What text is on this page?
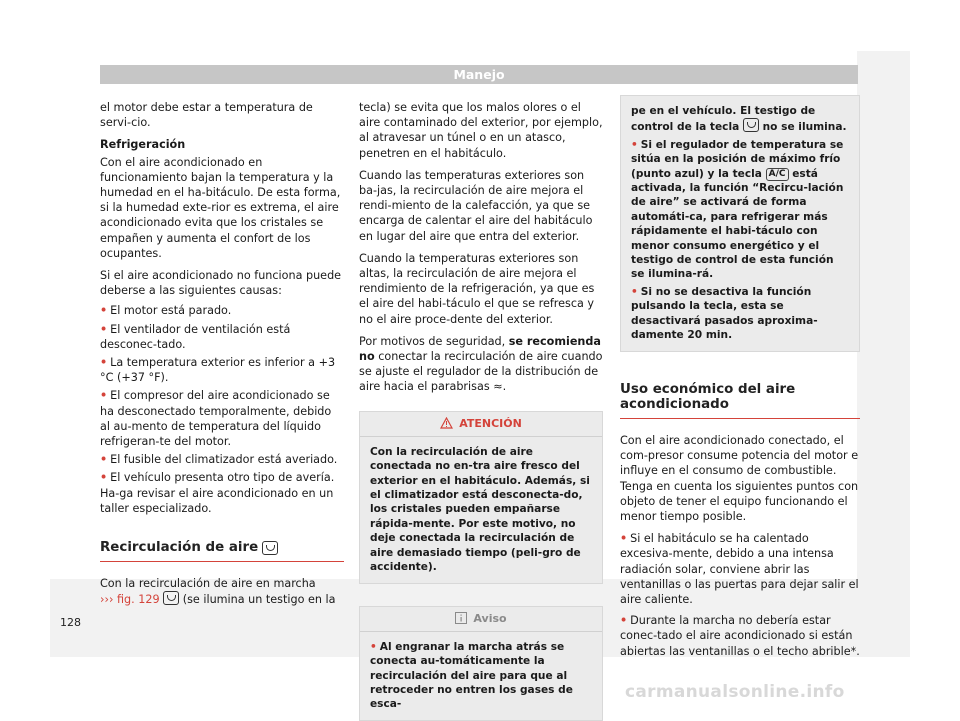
Manejo

el motor debe estar a temperatura de servi-cio.

Refrigeración

Con el aire acondicionado en funcionamiento bajan la temperatura y la humedad en el ha-bitáculo. De esta forma, si la humedad exte-rior es extrema, el aire acondicionado evita que los cristales se empañen y aumenta el confort de los ocupantes.

Si el aire acondicionado no funciona puede deberse a las siguientes causas:

• El motor está parado.
• El ventilador de ventilación está desconec-tado.
• La temperatura exterior es inferior a +3 °C (+37 °F).
• El compresor del aire acondicionado se ha desconectado temporalmente, debido al au-mento de temperatura del líquido refrigeran-te del motor.
• El fusible del climatizador está averiado.
• El vehículo presenta otro tipo de avería. Ha-ga revisar el aire acondicionado en un taller especializado.
Recirculación de aire

Con la recirculación de aire en marcha
››› fig. 129 (se ilumina un testigo en la

tecla) se evita que los malos olores o el aire contaminado del exterior, por ejemplo, al atravesar un túnel o en un atasco, penetren en el habitáculo.

Cuando las temperaturas exteriores son ba-jas, la recirculación de aire mejora el rendi-miento de la calefacción, ya que se encarga de calentar el aire del habitáculo en lugar del aire que entra del exterior.

Cuando la temperaturas exteriores son altas, la recirculación de aire mejora el rendimiento de la refrigeración, ya que es el aire del habi-táculo el que se refresca y no el aire proce-dente del exterior.

Por motivos de seguridad, se recomienda no conectar la recirculación de aire cuando se ajuste el regulador de la distribución de aire hacia el parabrisas ≈.

ATENCIÓN
Con la recirculación de aire conectada no en-tra aire fresco del exterior en el habitáculo. Además, si el climatizador está desconecta-do, los cristales pueden empañarse rápida-mente. Por este motivo, no deje conectada la recirculación de aire demasiado tiempo (peli-gro de accidente).
Aviso
• Al engranar la marcha atrás se conecta au-tomáticamente la recirculación del aire para que al retroceder no entren los gases de esca-
pe en el vehículo. El testigo de control de la tecla no se ilumina.
• Si el regulador de temperatura se sitúa en la posición de máximo frío (punto azul) y la tecla A/C está activada, la función “Recircu-lación de aire” se activará de forma automáti-ca, para refrigerar más rápidamente el habi-táculo con menor consumo energético y el testigo de control de esta función se ilumina-rá.
• Si no se desactiva la función pulsando la tecla, esta se desactivará pasados aproxima-damente 20 min.
Uso económico del aire acondicionado

Con el aire acondicionado conectado, el com-presor consume potencia del motor e influye en el consumo de combustible. Tenga en cuenta los siguientes puntos con objeto de tener el equipo funcionando el menor tiempo posible.

• Si el habitáculo se ha calentado excesiva-mente, debido a una intensa radiación solar, conviene abrir las ventanillas o las puertas para dejar salir el aire caliente.
• Durante la marcha no debería estar conec-tado el aire acondicionado si están abiertas las ventanillas o el techo abrible*.
128
carmanualsonline.info
